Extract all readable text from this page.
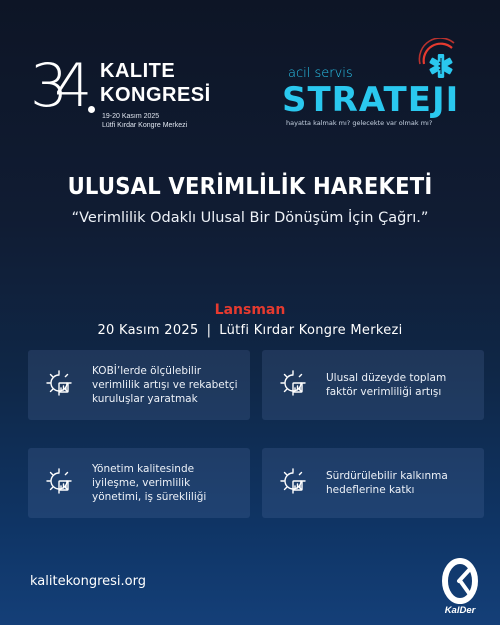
34 KALITE
KONGRESİ
19-20 Kasım 2025
Lütfi Kırdar Kongre Merkezi
acil servis
STRATEJI
hayatta kalmak mı? gelecekte var olmak mı?
ULUSAL VERİMLİLİK HAREKETİ
“Verimlilik Odaklı Ulusal Bir Dönüşüm İçin Çağrı.”
Lansman
20 Kasım 2025 | Lütfi Kırdar Kongre Merkezi
KOBİ’lerde ölçülebilir verimlilik artışı ve rekabetçi kuruluşlar yaratmak
Ulusal düzeyde toplam faktör verimliliği artışı
Yönetim kalitesinde iyileşme, verimlilik yönetimi, iş sürekliliği
Sürdürülebilir kalkınma hedeflerine katkı
kalitekongresi.org
KalDer
